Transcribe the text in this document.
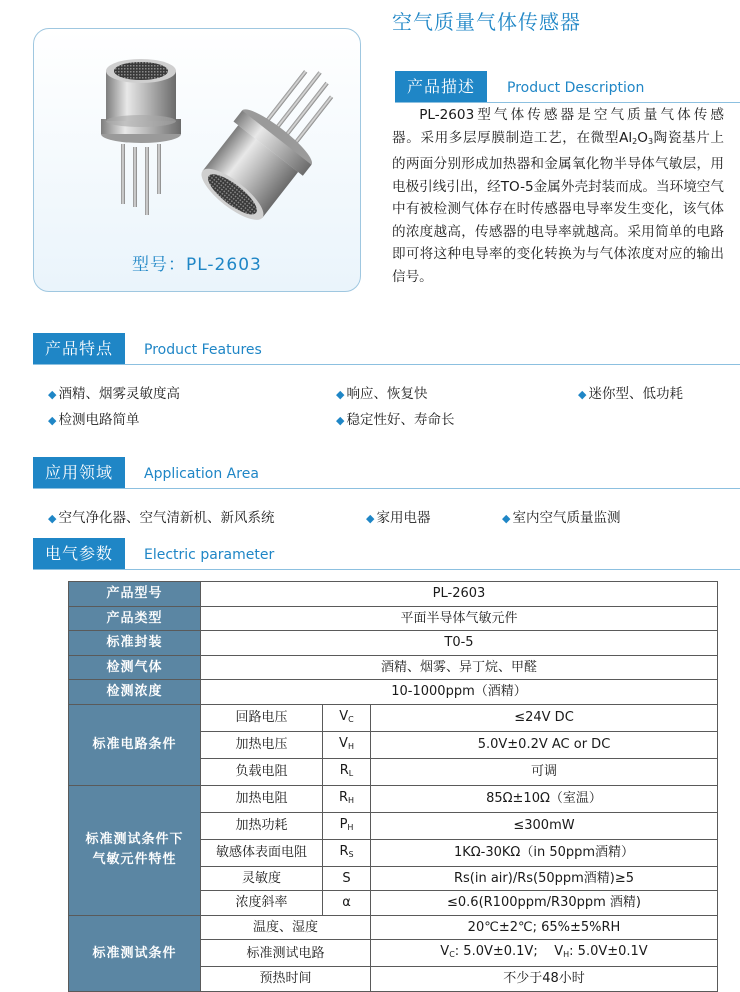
空气质量气体传感器
型号：PL-2603
产品描述	Product Description

PL-2603型气体传感器是空气质量气体传感器。采用多层厚膜制造工艺，在微型$Al_2O_3$陶瓷基片上的两面分别形成加热器和金属氧化物半导体气敏层，用电极引线引出，经TO-5金属外壳封装而成。当环境空气中有被检测气体存在时传感器电导率发生变化，该气体的浓度越高，传感器的电导率就越高。采用简单的电路即可将这种电导率的变化转换为与气体浓度对应的输出信号。

产品特点	Product Features
◆ 酒精、烟雾灵敏度高	◆ 响应、恢复快	◆ 迷你型、低功耗
◆ 检测电路简单	◆ 稳定性好、寿命长
应用领域	Application Area
◆ 空气净化器、空气清新机、新风系统	◆ 家用电器	◆ 室内空气质量监测
电气参数	Electric parameter
产品型号	PL-2603		
产品类型	平面半导体气敏元件		
标准封装	T0-5		
检测气体	酒精、烟雾、异丁烷、甲醛		
检测浓度	10-1000ppm（酒精）		
标准电路条件	回路电压	$V_C$	≤24V DC
	加热电压	$V_H$	5.0V±0.2V AC or DC
	负载电阻	$R_L$	可调
标准测试条件下
气敏元件特性	加热电阻	$R_H$	85Ω±10Ω（室温）
	加热功耗	$P_H$	≤300mW
	敏感体表面电阻	$R_S$	1KΩ-30KΩ（in 50ppm酒精）
	灵敏度	S	Rs(in air)/Rs(50ppm酒精)≥5
	浓度斜率	α	≤0.6(R100ppm/R30ppm 酒精)
标准测试条件	温度、湿度		20℃±2℃; 65%±5%RH
	标准测试电路		$V_C$: 5.0V±0.1V; $V_H$: 5.0V±0.1V
	预热时间		不少于48小时
